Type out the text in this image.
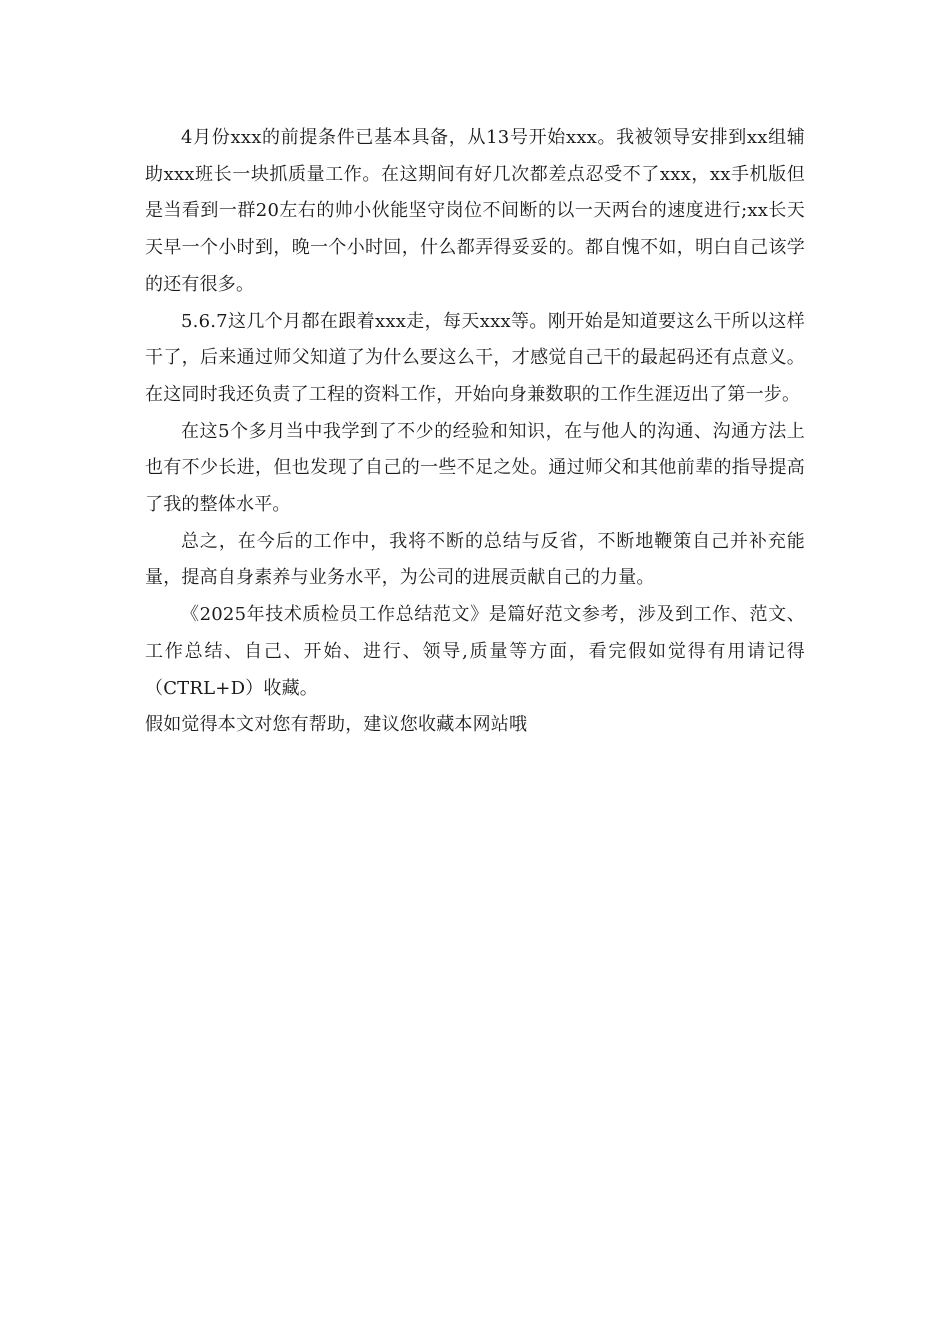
4月份xxx的前提条件已基本具备，从13号开始xxx。我被领导安排到xx组辅助xxx班长一块抓质量工作。在这期间有好几次都差点忍受不了xxx，xx手机版但是当看到一群20左右的帅小伙能坚守岗位不间断的以一天两台的速度进行;xx长天天早一个小时到，晚一个小时回，什么都弄得妥妥的。都自愧不如，明白自己该学的还有很多。

5.6.7这几个月都在跟着xxx走，每天xxx等。刚开始是知道要这么干所以这样干了，后来通过师父知道了为什么要这么干，才感觉自己干的最起码还有点意义。在这同时我还负责了工程的资料工作，开始向身兼数职的工作生涯迈出了第一步。

在这5个多月当中我学到了不少的经验和知识，在与他人的沟通、沟通方法上也有不少长进，但也发现了自己的一些不足之处。通过师父和其他前辈的指导提高了我的整体水平。

总之，在今后的工作中，我将不断的总结与反省，不断地鞭策自己并补充能量，提高自身素养与业务水平，为公司的进展贡献自己的力量。

《2025年技术质检员工作总结范文》是篇好范文参考，涉及到工作、范文、工作总结、自己、开始、进行、领导,质量等方面，看完假如觉得有用请记得（CTRL+D）收藏。

假如觉得本文对您有帮助，建议您收藏本网站哦
